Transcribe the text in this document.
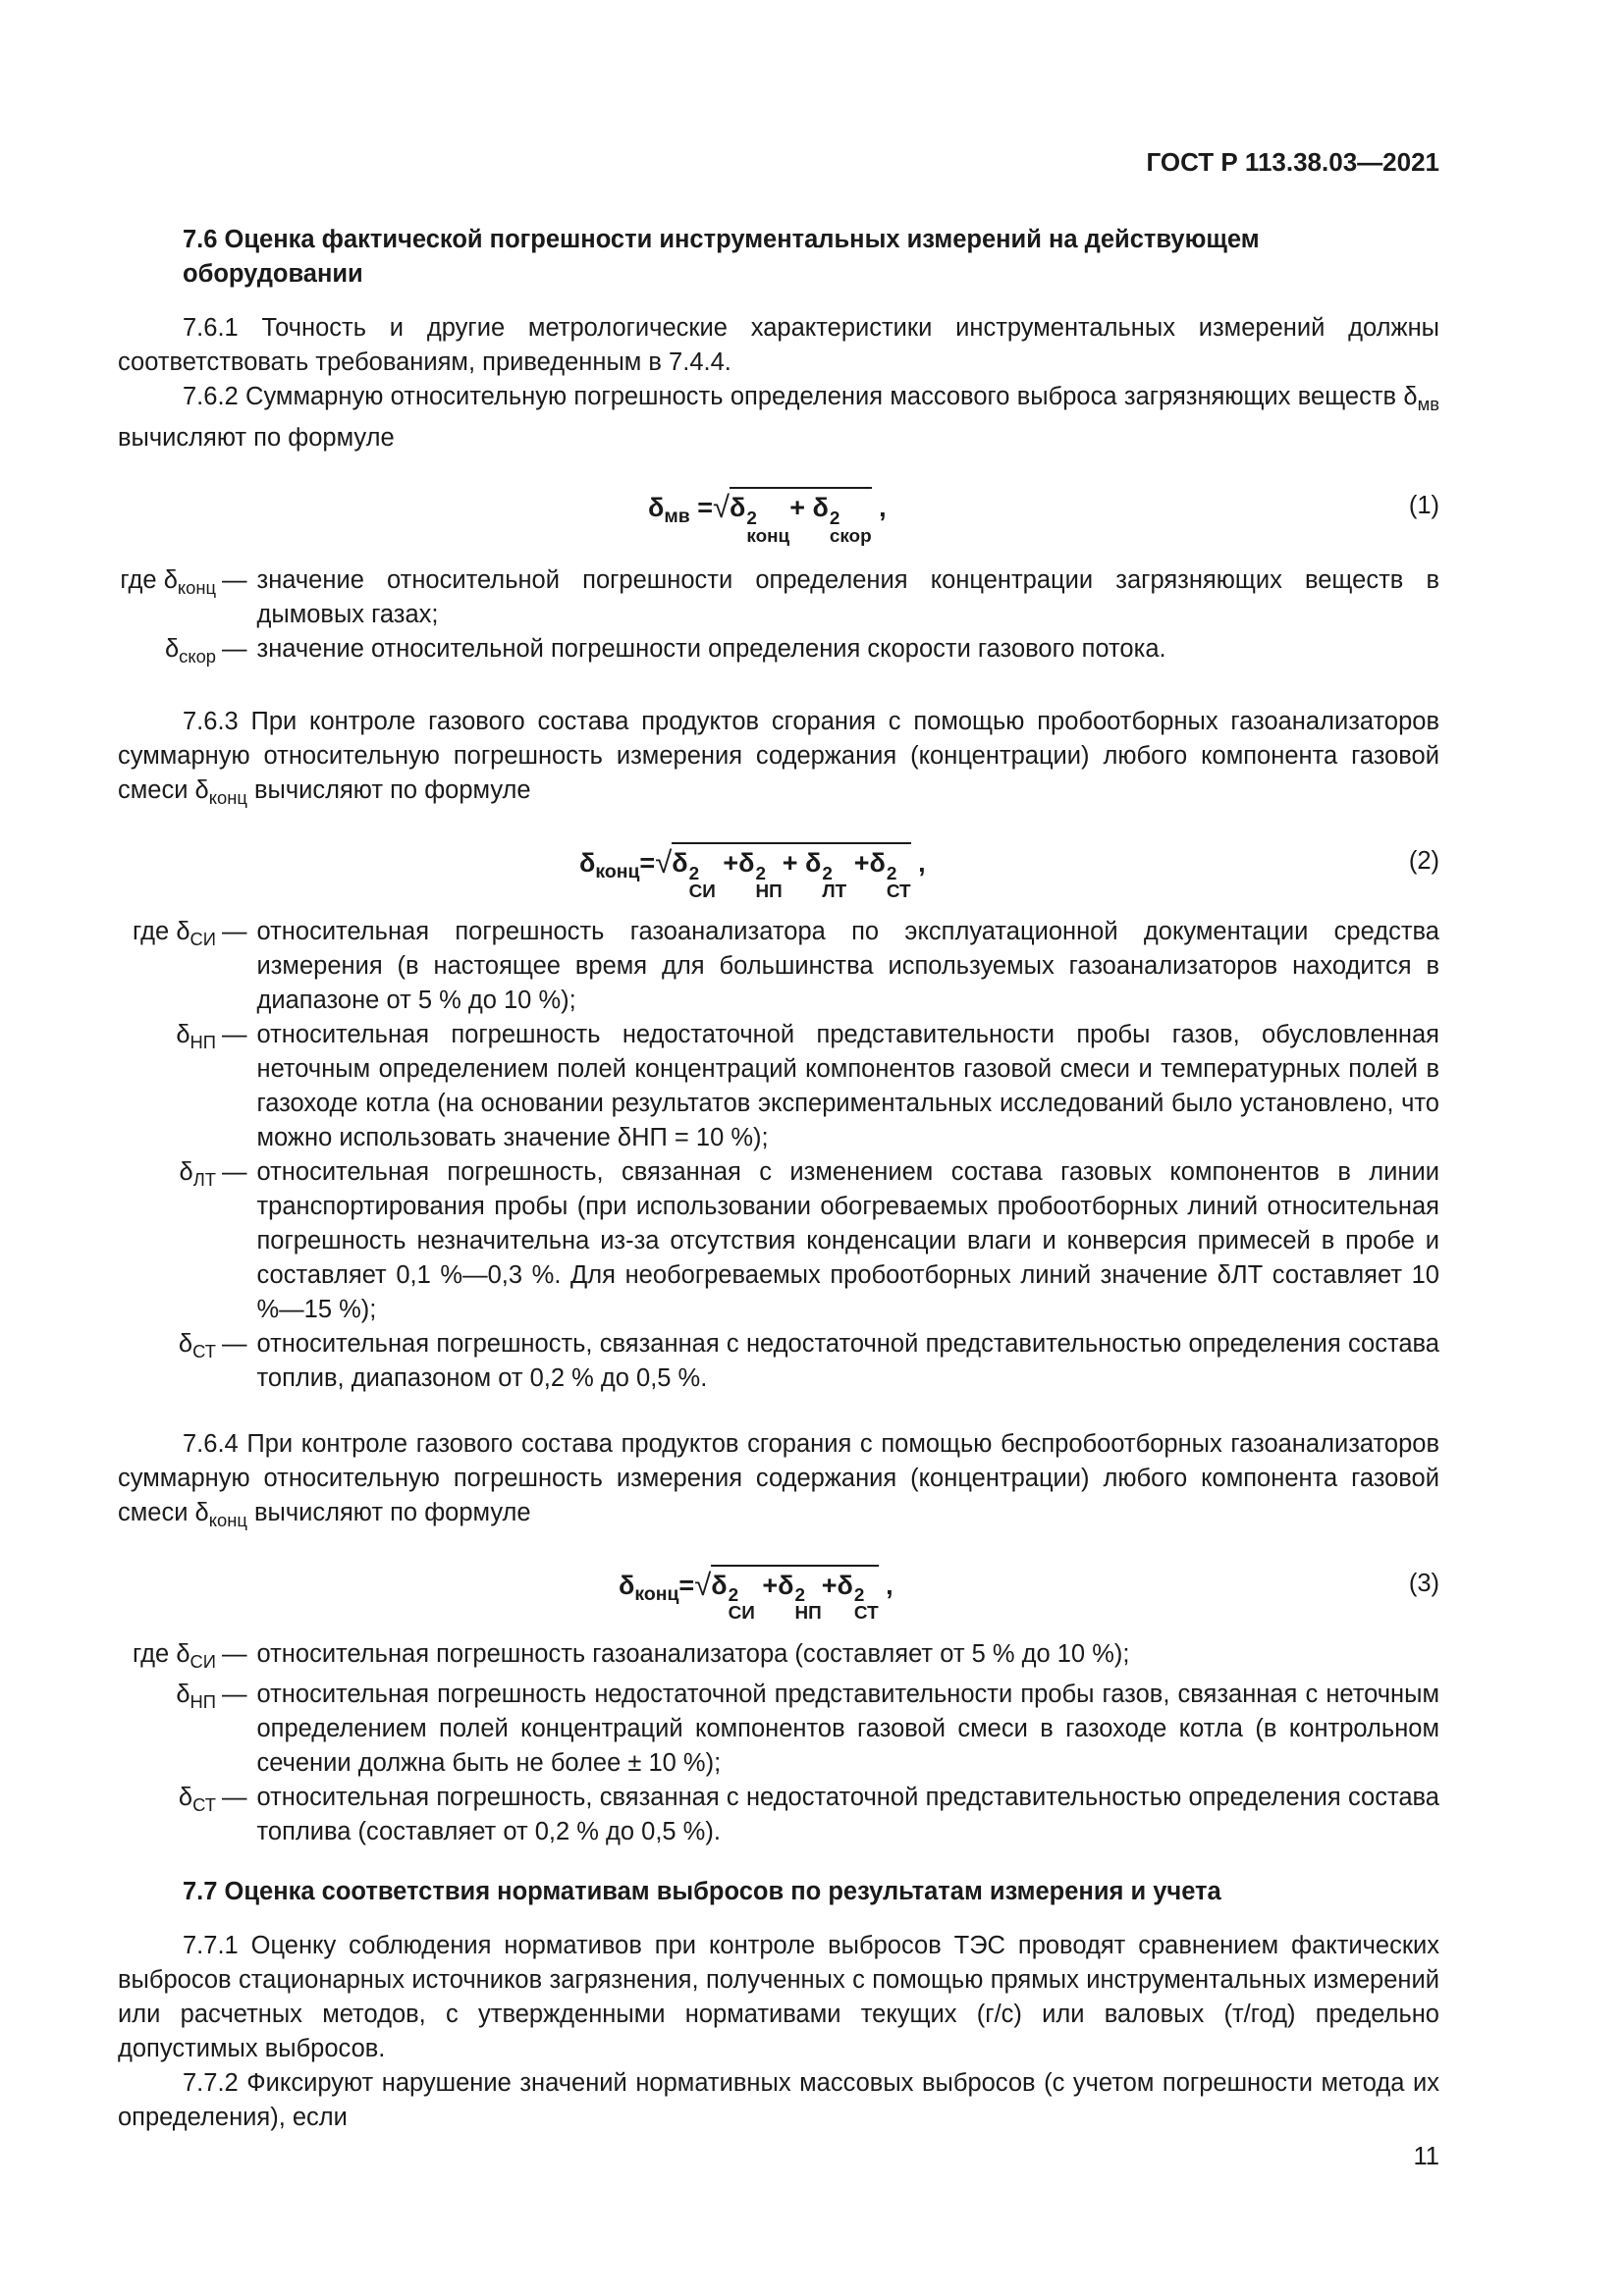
ГОСТ Р 113.38.03—2021
7.6 Оценка фактической погрешности инструментальных измерений на действующем оборудовании

7.6.1 Точность и другие метрологические характеристики инструментальных измерений должны соответствовать требованиям, приведенным в 7.4.4.

7.6.2 Суммарную относительную погрешность определения массового выброса загрязняющих веществ $\delta_{мв}$ вычисляют по формуле

$\delta_{мв} =√\delta$ 2
конц
+ δ 2
скор
,	(1)
где $\delta_{конц}$	—	значение относительной погрешности определения концентрации загрязняющих веществ в дымовых газах;
$\delta_{скор}$	—	значение относительной погрешности определения скорости газового потока.

7.6.3 При контроле газового состава продуктов сгорания с помощью пробоотборных газоанализаторов суммарную относительную погрешность измерения содержания (концентрации) любого компонента газовой смеси $\delta_{конц}$ вычисляют по формуле

$\delta_{конц}=√\delta$ 2
СИ
+δ 2
НП
+ δ 2
ЛТ
+δ 2
СТ
,	(2)
где $\delta_{СИ}$	—	относительная погрешность газоанализатора по эксплуатационной документации средства измерения (в настоящее время для большинства используемых газоанализаторов находится в диапазоне от 5 % до 10 %);
$\delta_{НП}$	—	относительная погрешность недостаточной представительности пробы газов, обусловленная неточным определением полей концентраций компонентов газовой смеси и температурных полей в газоходе котла (на основании результатов экспериментальных исследований было установлено, что можно использовать значение δНП = 10 %);
$\delta_{ЛТ}$	—	относительная погрешность, связанная с изменением состава газовых компонентов в линии транспортирования пробы (при использовании обогреваемых пробоотборных линий относительная погрешность незначительна из-за отсутствия конденсации влаги и конверсия примесей в пробе и составляет 0,1 %—0,3 %. Для необогреваемых пробоотборных линий значение δЛТ составляет 10 %—15 %);
$\delta_{СТ}$	—	относительная погрешность, связанная с недостаточной представительностью определения состава топлив, диапазоном от 0,2 % до 0,5 %.

7.6.4 При контроле газового состава продуктов сгорания с помощью беспробоотборных газоанализаторов суммарную относительную погрешность измерения содержания (концентрации) любого компонента газовой смеси $\delta_{конц}$ вычисляют по формуле

$\delta_{конц}=√\delta$ 2
СИ
+δ 2
НП
+δ 2
СТ
,	(3)
где $\delta_{СИ}$	—	относительная погрешность газоанализатора (составляет от 5 % до 10 %);
$\delta_{НП}$	—	относительная погрешность недостаточной представительности пробы газов, связанная с неточным определением полей концентраций компонентов газовой смеси в газоходе котла (в контрольном сечении должна быть не более ± 10 %);
$\delta_{СТ}$	—	относительная погрешность, связанная с недостаточной представительностью определения состава топлива (составляет от 0,2 % до 0,5 %).
7.7 Оценка соответствия нормативам выбросов по результатам измерения и учета

7.7.1 Оценку соблюдения нормативов при контроле выбросов ТЭС проводят сравнением фактических выбросов стационарных источников загрязнения, полученных с помощью прямых инструментальных измерений или расчетных методов, с утвержденными нормативами текущих (г/с) или валовых (т/год) предельно допустимых выбросов.

7.7.2 Фиксируют нарушение значений нормативных массовых выбросов (с учетом погрешности метода их определения), если

11
